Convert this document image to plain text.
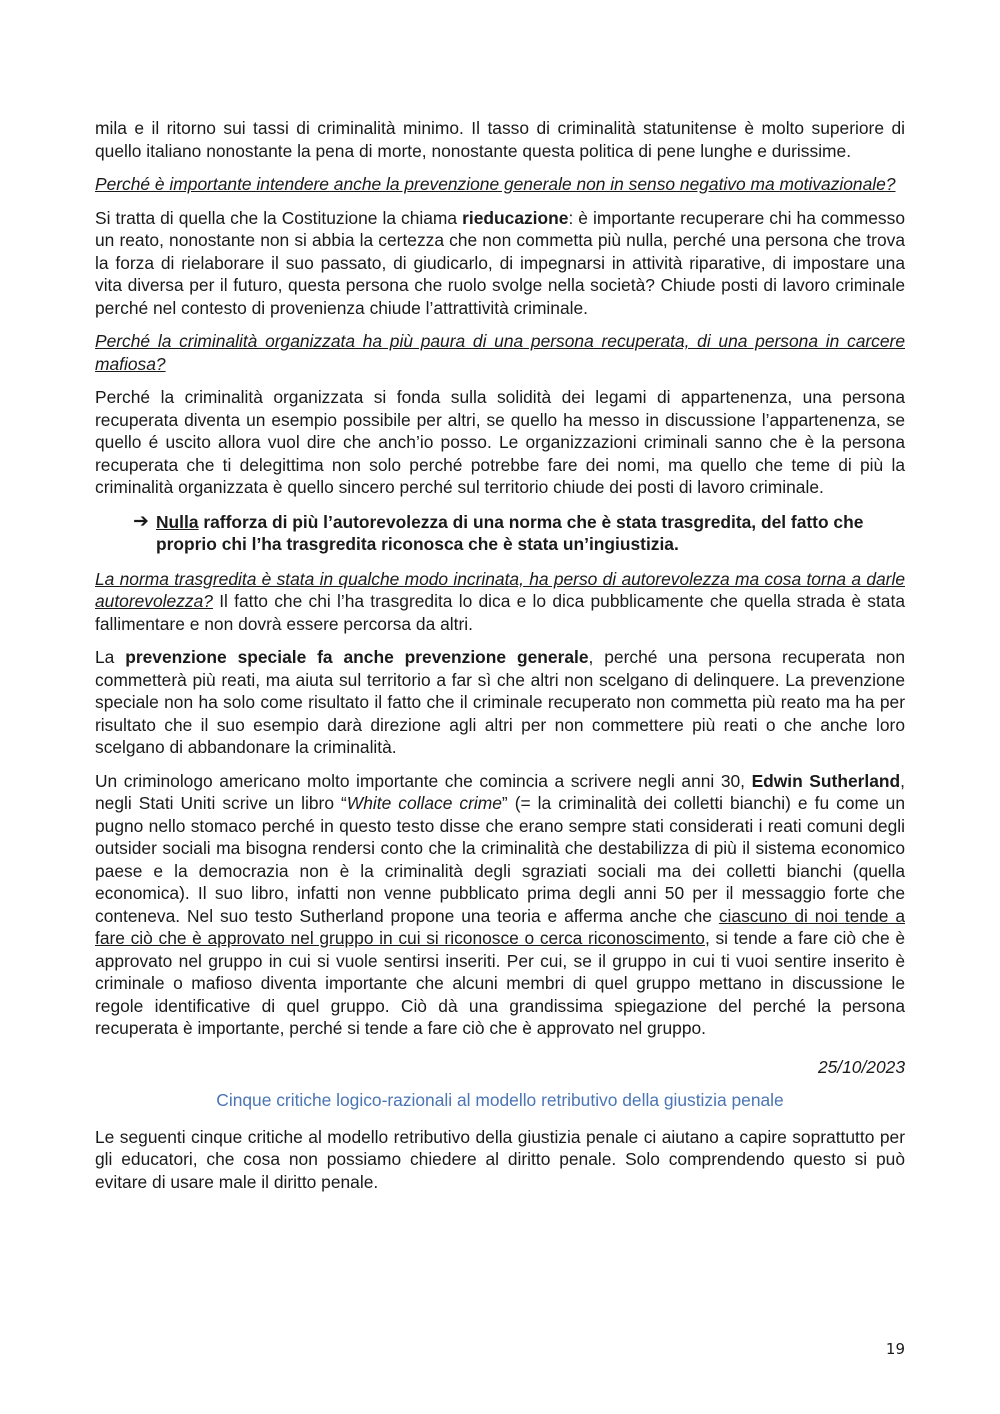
mila e il ritorno sui tassi di criminalità minimo. Il tasso di criminalità statunitense è molto superiore di quello italiano nonostante la pena di morte, nonostante questa politica di pene lunghe e durissime.

Perché è importante intendere anche la prevenzione generale non in senso negativo ma motivazionale?

Si tratta di quella che la Costituzione la chiama rieducazione: è importante recuperare chi ha commesso un reato, nonostante non si abbia la certezza che non commetta più nulla, perché una persona che trova la forza di rielaborare il suo passato, di giudicarlo, di impegnarsi in attività riparative, di impostare una vita diversa per il futuro, questa persona che ruolo svolge nella società? Chiude posti di lavoro criminale perché nel contesto di provenienza chiude l’attrattività criminale.

Perché la criminalità organizzata ha più paura di una persona recuperata, di una persona in carcere mafiosa?

Perché la criminalità organizzata si fonda sulla solidità dei legami di appartenenza, una persona recuperata diventa un esempio possibile per altri, se quello ha messo in discussione l’appartenenza, se quello é uscito allora vuol dire che anch’io posso. Le organizzazioni criminali sanno che è la persona recuperata che ti delegittima non solo perché potrebbe fare dei nomi, ma quello che teme di più la criminalità organizzata è quello sincero perché sul territorio chiude dei posti di lavoro criminale.

➔ Nulla rafforza di più l’autorevolezza di una norma che è stata trasgredita, del fatto che proprio chi l’ha trasgredita riconosca che è stata un’ingiustizia.

La norma trasgredita è stata in qualche modo incrinata, ha perso di autorevolezza ma cosa torna a darle autorevolezza? Il fatto che chi l’ha trasgredita lo dica e lo dica pubblicamente che quella strada è stata fallimentare e non dovrà essere percorsa da altri.

La prevenzione speciale fa anche prevenzione generale, perché una persona recuperata non commetterà più reati, ma aiuta sul territorio a far sì che altri non scelgano di delinquere. La prevenzione speciale non ha solo come risultato il fatto che il criminale recuperato non commetta più reato ma ha per risultato che il suo esempio darà direzione agli altri per non commettere più reati o che anche loro scelgano di abbandonare la criminalità.

Un criminologo americano molto importante che comincia a scrivere negli anni 30, Edwin Sutherland, negli Stati Uniti scrive un libro “White collace crime” (= la criminalità dei colletti bianchi) e fu come un pugno nello stomaco perché in questo testo disse che erano sempre stati considerati i reati comuni degli outsider sociali ma bisogna rendersi conto che la criminalità che destabilizza di più il sistema economico paese e la democrazia non è la criminalità degli sgraziati sociali ma dei colletti bianchi (quella economica). Il suo libro, infatti non venne pubblicato prima degli anni 50 per il messaggio forte che conteneva. Nel suo testo Sutherland propone una teoria e afferma anche che ciascuno di noi tende a fare ciò che è approvato nel gruppo in cui si riconosce o cerca riconoscimento, si tende a fare ciò che è approvato nel gruppo in cui si vuole sentirsi inseriti. Per cui, se il gruppo in cui ti vuoi sentire inserito è criminale o mafioso diventa importante che alcuni membri di quel gruppo mettano in discussione le regole identificative di quel gruppo. Ciò dà una grandissima spiegazione del perché la persona recuperata è importante, perché si tende a fare ciò che è approvato nel gruppo.

25/10/2023
Cinque critiche logico-razionali al modello retributivo della giustizia penale

Le seguenti cinque critiche al modello retributivo della giustizia penale ci aiutano a capire soprattutto per gli educatori, che cosa non possiamo chiedere al diritto penale. Solo comprendendo questo si può evitare di usare male il diritto penale.

19
